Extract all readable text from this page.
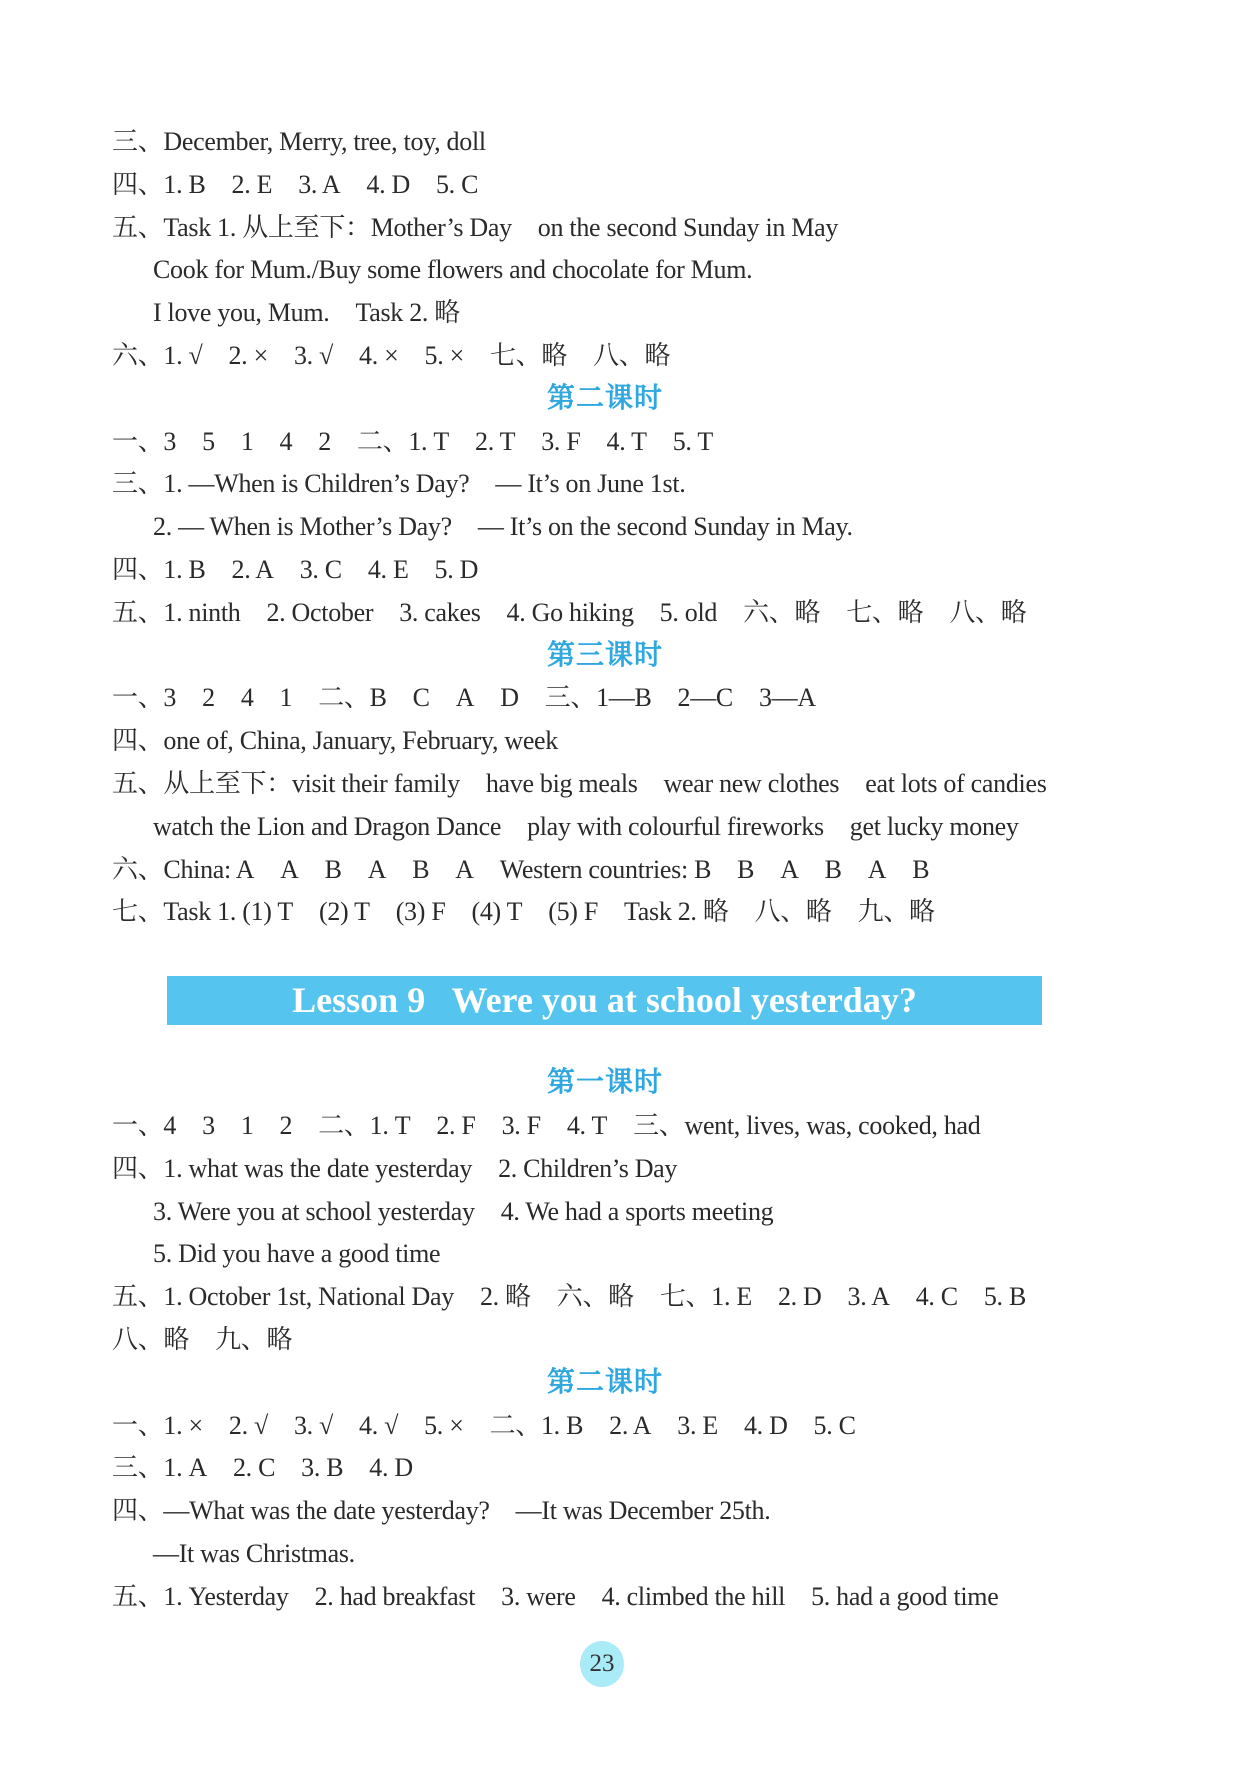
三、December, Merry, tree, toy, doll
四、1. B 2. E 3. A 4. D 5. C
五、Task 1. 从上至下：Mother’s Day on the second Sunday in May
Cook for Mum./Buy some flowers and chocolate for Mum.
I love you, Mum. Task 2. 略
六、1. √ 2. × 3. √ 4. × 5. × 七、略 八、略
第二课时
一、3 5 1 4 2 二、1. T 2. T 3. F 4. T 5. T
三、1. —When is Children’s Day? — It’s on June 1st.
2. — When is Mother’s Day? — It’s on the second Sunday in May.
四、1. B 2. A 3. C 4. E 5. D
五、1. ninth 2. October 3. cakes 4. Go hiking 5. old 六、略 七、略 八、略
第三课时
一、3 2 4 1 二、B C A D 三、1—B 2—C 3—A
四、one of, China, January, February, week
五、从上至下：visit their family have big meals wear new clothes eat lots of candies
watch the Lion and Dragon Dance play with colourful fireworks get lucky money
六、China: A A B A B A Western countries: B B A B A B
七、Task 1. (1) T (2) T (3) F (4) T (5) F Task 2. 略 八、略 九、略
Lesson 9   Were you at school yesterday?
第一课时
一、4 3 1 2 二、1. T 2. F 3. F 4. T 三、went, lives, was, cooked, had
四、1. what was the date yesterday 2. Children’s Day
3. Were you at school yesterday 4. We had a sports meeting
5. Did you have a good time
五、1. October 1st, National Day 2. 略 六、略 七、1. E 2. D 3. A 4. C 5. B
八、略 九、略
第二课时
一、1. × 2. √ 3. √ 4. √ 5. × 二、1. B 2. A 3. E 4. D 5. C
三、1. A 2. C 3. B 4. D
四、—What was the date yesterday? —It was December 25th.
—It was Christmas.
五、1. Yesterday 2. had breakfast 3. were 4. climbed the hill 5. had a good time
23
